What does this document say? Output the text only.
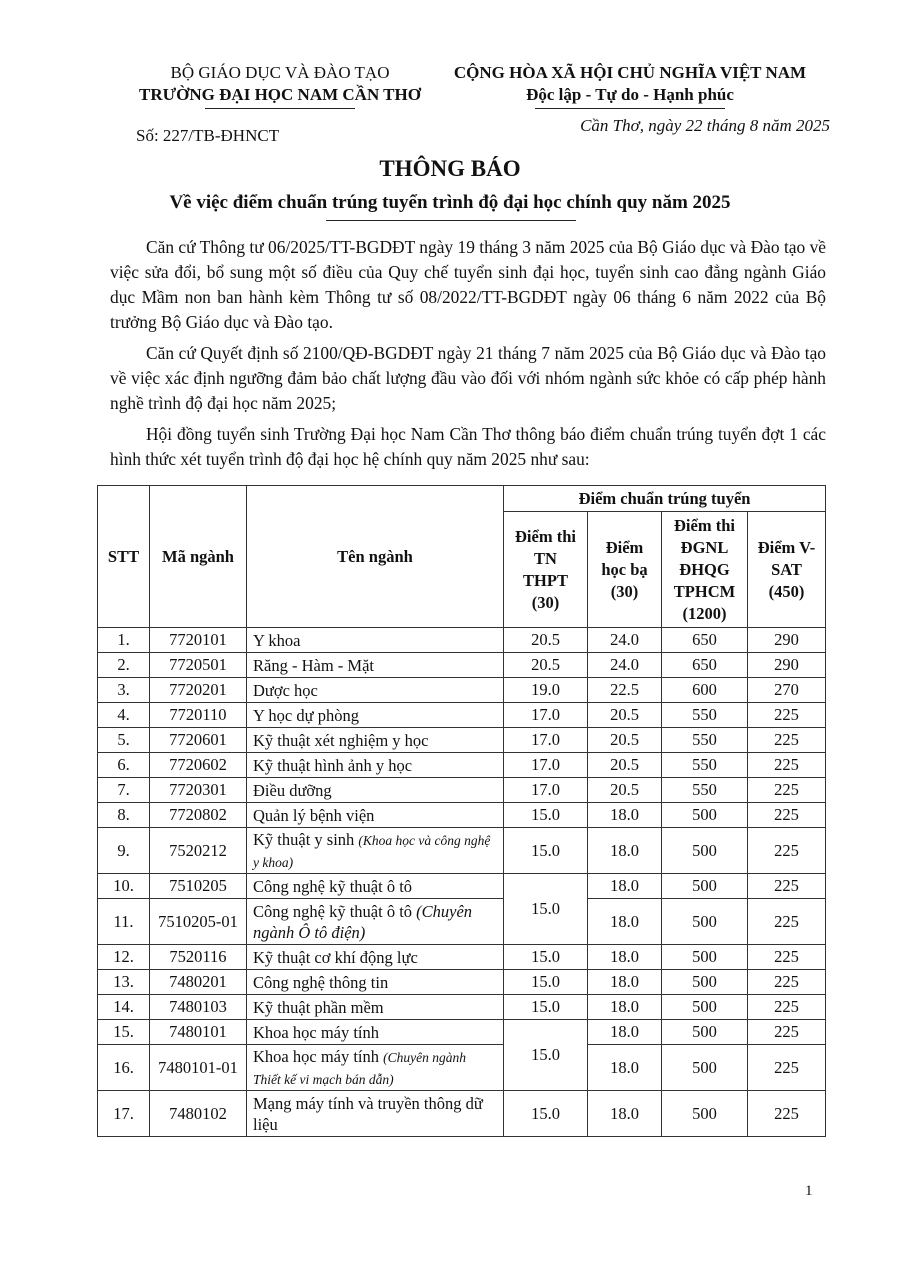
BỘ GIÁO DỤC VÀ ĐÀO TẠO
TRƯỜNG ĐẠI HỌC NAM CẦN THƠ
CỘNG HÒA XÃ HỘI CHỦ NGHĨA VIỆT NAM
Độc lập - Tự do - Hạnh phúc
Số: 227/TB-ĐHNCT
Cần Thơ, ngày 22 tháng 8 năm 2025
THÔNG BÁO
Về việc điểm chuẩn trúng tuyển trình độ đại học chính quy năm 2025

Căn cứ Thông tư 06/2025/TT-BGDĐT ngày 19 tháng 3 năm 2025 của Bộ Giáo dục và Đào tạo về việc sửa đổi, bổ sung một số điều của Quy chế tuyển sinh đại học, tuyển sinh cao đẳng ngành Giáo dục Mầm non ban hành kèm Thông tư số 08/2022/TT-BGDĐT ngày 06 tháng 6 năm 2022 của Bộ trưởng Bộ Giáo dục và Đào tạo.

Căn cứ Quyết định số 2100/QĐ-BGDĐT ngày 21 tháng 7 năm 2025 của Bộ Giáo dục và Đào tạo về việc xác định ngưỡng đảm bảo chất lượng đầu vào đối với nhóm ngành sức khỏe có cấp phép hành nghề trình độ đại học năm 2025;

Hội đồng tuyển sinh Trường Đại học Nam Cần Thơ thông báo điểm chuẩn trúng tuyển đợt 1 các hình thức xét tuyển trình độ đại học hệ chính quy năm 2025 như sau:

STT	Mã ngành	Tên ngành	Điểm chuẩn trúng tuyển			
			Điểm thi TN THPT (30)	Điểm học bạ (30)	Điểm thi ĐGNL ĐHQG TPHCM (1200)	Điểm V-SAT (450)
1.	7720101	Y khoa	20.5	24.0	650	290
2.	7720501	Răng - Hàm - Mặt	20.5	24.0	650	290
3.	7720201	Dược học	19.0	22.5	600	270
4.	7720110	Y học dự phòng	17.0	20.5	550	225
5.	7720601	Kỹ thuật xét nghiệm y học	17.0	20.5	550	225
6.	7720602	Kỹ thuật hình ảnh y học	17.0	20.5	550	225
7.	7720301	Điều dưỡng	17.0	20.5	550	225
8.	7720802	Quản lý bệnh viện	15.0	18.0	500	225
9.	7520212	Kỹ thuật y sinh (Khoa học và công nghệ y khoa)	15.0	18.0	500	225
10.	7510205	Công nghệ kỹ thuật ô tô	15.0	18.0	500	225
11.	7510205-01	Công nghệ kỹ thuật ô tô (Chuyên ngành Ô tô điện)		18.0	500	225
12.	7520116	Kỹ thuật cơ khí động lực	15.0	18.0	500	225
13.	7480201	Công nghệ thông tin	15.0	18.0	500	225
14.	7480103	Kỹ thuật phần mềm	15.0	18.0	500	225
15.	7480101	Khoa học máy tính	15.0	18.0	500	225
16.	7480101-01	Khoa học máy tính (Chuyên ngành Thiết kế vi mạch bán dẫn)		18.0	500	225
17.	7480102	Mạng máy tính và truyền thông dữ liệu	15.0	18.0	500	225
1
